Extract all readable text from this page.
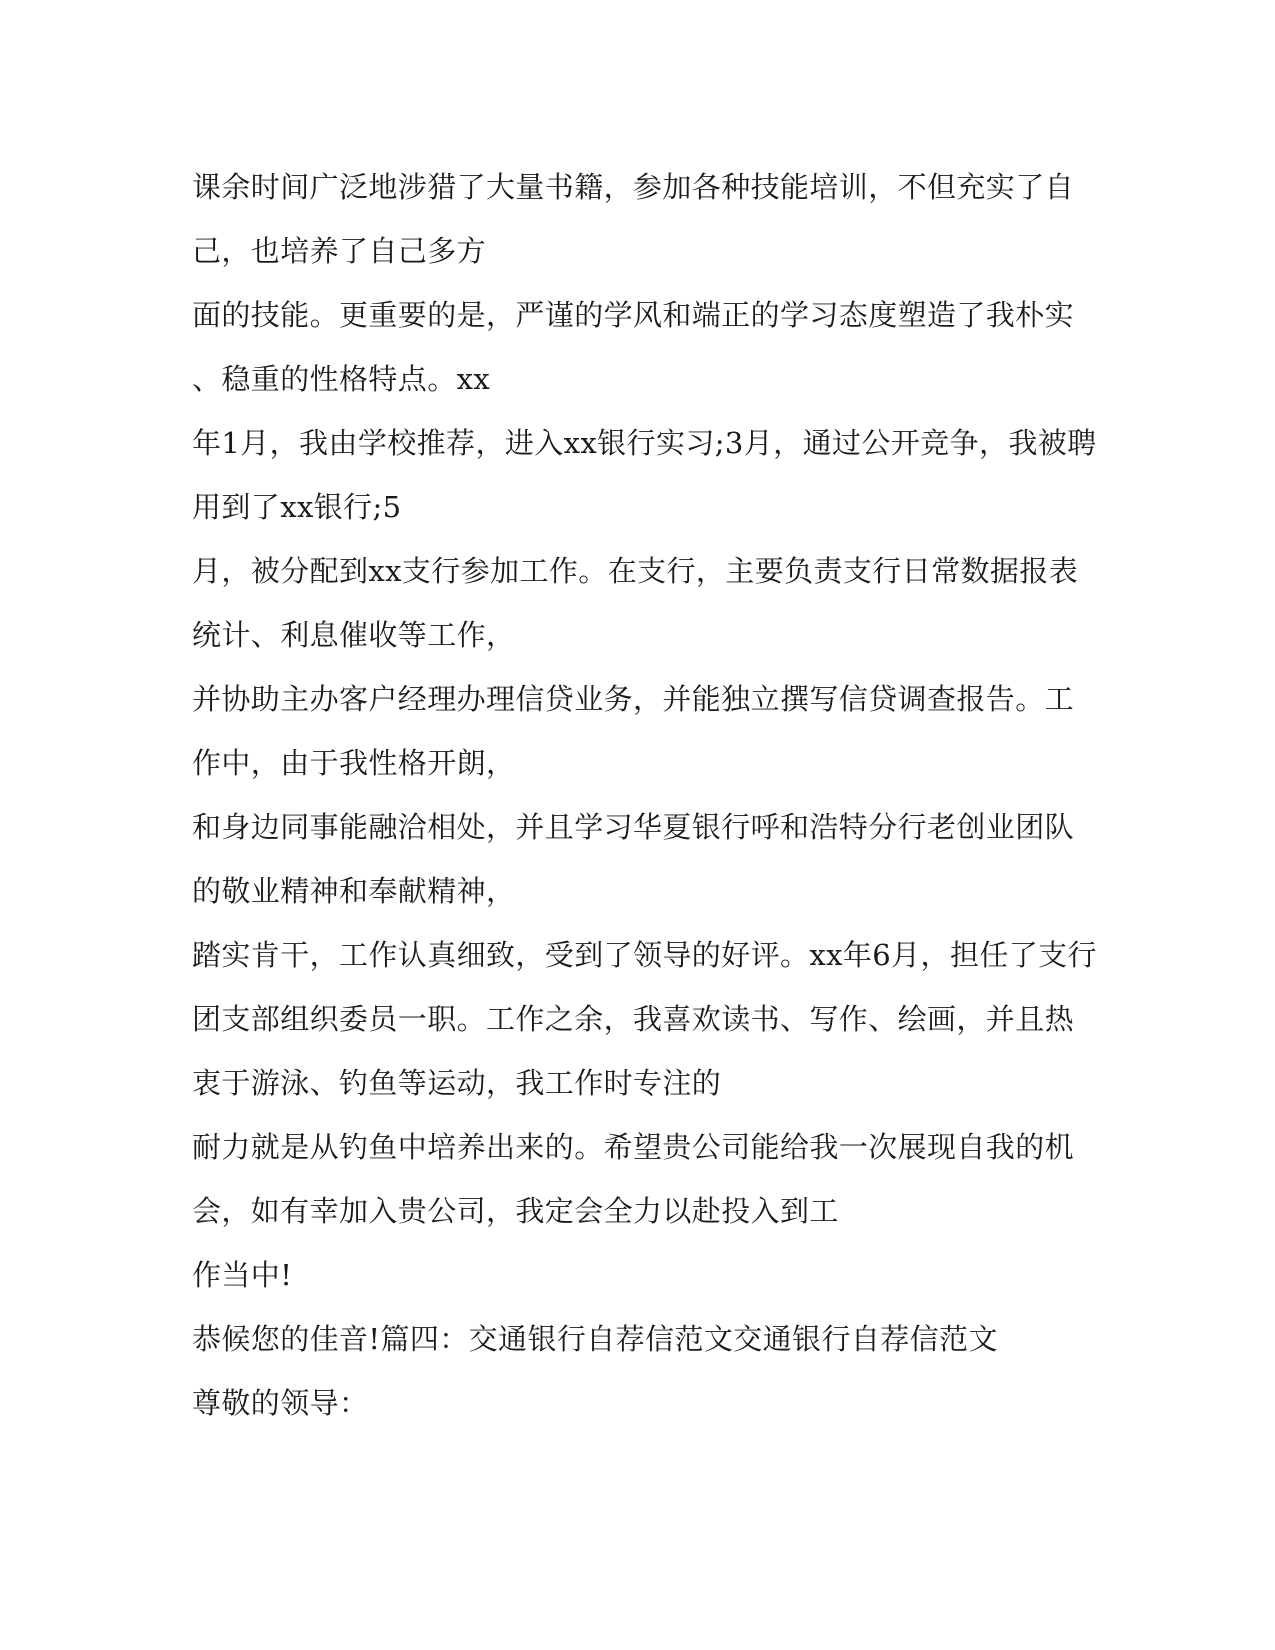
课余时间广泛地涉猎了大量书籍，参加各种技能培训，不但充实了自
己，也培养了自己多方
面的技能。更重要的是，严谨的学风和端正的学习态度塑造了我朴实
、稳重的性格特点。xx
年1月，我由学校推荐，进入xx银行实习;3月，通过公开竞争，我被聘
用到了xx银行;5
月，被分配到xx支行参加工作。在支行，主要负责支行日常数据报表
统计、利息催收等工作，
并协助主办客户经理办理信贷业务，并能独立撰写信贷调查报告。工
作中，由于我性格开朗，
和身边同事能融洽相处，并且学习华夏银行呼和浩特分行老创业团队
的敬业精神和奉献精神，
踏实肯干，工作认真细致，受到了领导的好评。xx年6月，担任了支行
团支部组织委员一职。工作之余，我喜欢读书、写作、绘画，并且热
衷于游泳、钓鱼等运动，我工作时专注的
耐力就是从钓鱼中培养出来的。希望贵公司能给我一次展现自我的机
会，如有幸加入贵公司，我定会全力以赴投入到工
作当中!
恭候您的佳音!篇四：交通银行自荐信范文交通银行自荐信范文
尊敬的领导：
